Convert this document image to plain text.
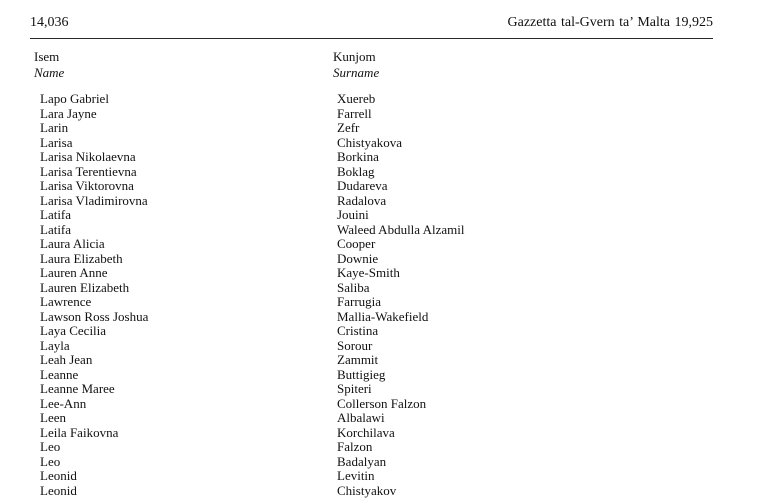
14,036	Gazzetta tal-Gvern ta’ Malta 19,925
Isem
Name
Kunjom
Surname
Lapo Gabriel
Lara Jayne
Larin
Larisa
Larisa Nikolaevna
Larisa Terentievna
Larisa Viktorovna
Larisa Vladimirovna
Latifa
Latifa
Laura Alicia
Laura Elizabeth
Lauren Anne
Lauren Elizabeth
Lawrence
Lawson Ross Joshua
Laya Cecilia
Layla
Leah Jean
Leanne
Leanne Maree
Lee-Ann
Leen
Leila Faikovna
Leo
Leo
Leonid
Leonid
Xuereb
Farrell
Zefr
Chistyakova
Borkina
Boklag
Dudareva
Radalova
Jouini
Waleed Abdulla Alzamil
Cooper
Downie
Kaye-Smith
Saliba
Farrugia
Mallia-Wakefield
Cristina
Sorour
Zammit
Buttigieg
Spiteri
Collerson Falzon
Albalawi
Korchilava
Falzon
Badalyan
Levitin
Chistyakov
